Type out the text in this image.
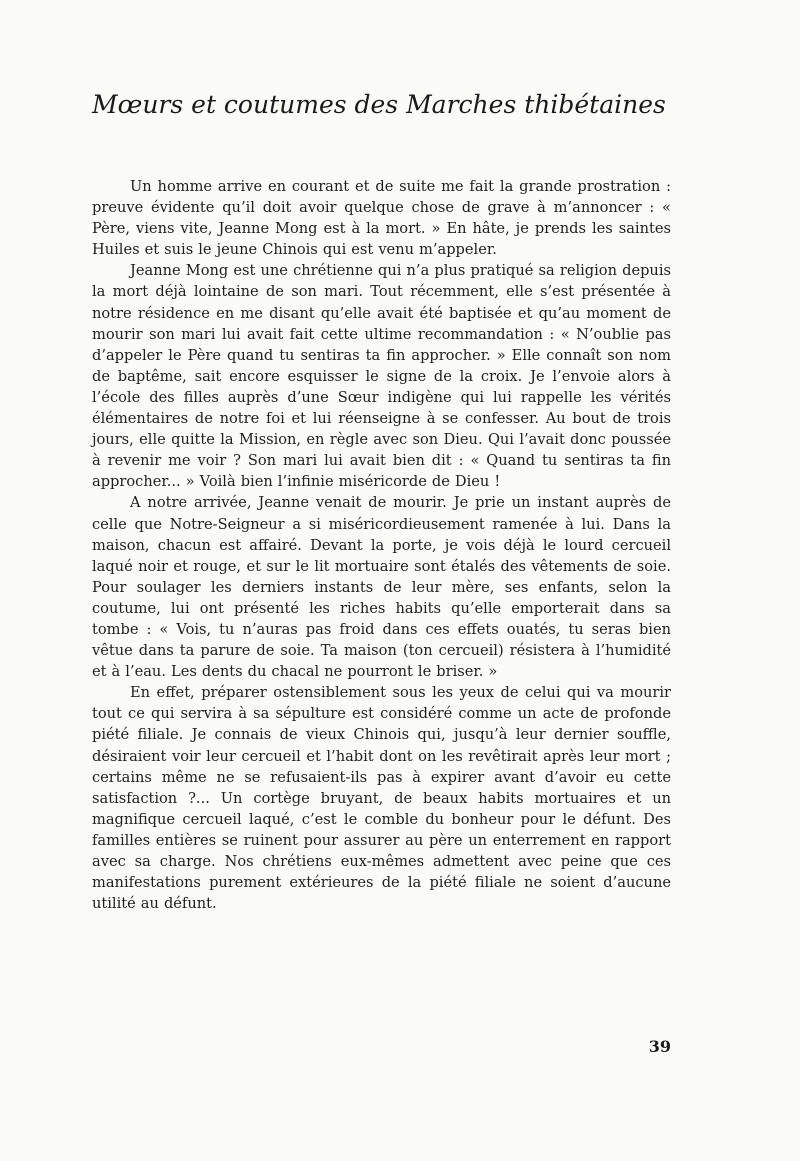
Mœurs et coutumes des Marches thibétaines

Un homme arrive en courant et de suite me fait la grande prostration : preuve évidente qu’il doit avoir quelque chose de grave à m’annoncer : « Père, viens vite, Jeanne Mong est à la mort. » En hâte, je prends les saintes Huiles et suis le jeune Chinois qui est venu m’appeler.

Jeanne Mong est une chrétienne qui n’a plus pratiqué sa religion depuis la mort déjà lointaine de son mari. Tout récemment, elle s’est présentée à notre résidence en me disant qu’elle avait été baptisée et qu’au moment de mourir son mari lui avait fait cette ultime recommandation : « N’oublie pas d’appeler le Père quand tu sentiras ta fin approcher. » Elle connaît son nom de baptême, sait encore esquisser le signe de la croix. Je l’envoie alors à l’école des filles auprès d’une Sœur indigène qui lui rappelle les vérités élémentaires de notre foi et lui réenseigne à se confesser. Au bout de trois jours, elle quitte la Mission, en règle avec son Dieu. Qui l’avait donc poussée à revenir me voir ? Son mari lui avait bien dit : « Quand tu sentiras ta fin approcher... » Voilà bien l’infinie miséricorde de Dieu !

A notre arrivée, Jeanne venait de mourir. Je prie un instant auprès de celle que Notre-Seigneur a si miséricordieusement ramenée à lui. Dans la maison, chacun est affairé. Devant la porte, je vois déjà le lourd cercueil laqué noir et rouge, et sur le lit mortuaire sont étalés des vêtements de soie. Pour soulager les derniers instants de leur mère, ses enfants, selon la coutume, lui ont présenté les riches habits qu’elle emporterait dans sa tombe : « Vois, tu n’auras pas froid dans ces effets ouatés, tu seras bien vêtue dans ta parure de soie. Ta maison (ton cercueil) résistera à l’humidité et à l’eau. Les dents du chacal ne pourront le briser. »

En effet, préparer ostensiblement sous les yeux de celui qui va mourir tout ce qui servira à sa sépulture est considéré comme un acte de profonde piété filiale. Je connais de vieux Chinois qui, jusqu’à leur dernier souffle, désiraient voir leur cercueil et l’habit dont on les revêtirait après leur mort ; certains même ne se refusaient-ils pas à expirer avant d’avoir eu cette satisfaction ?... Un cortège bruyant, de beaux habits mortuaires et un magnifique cercueil laqué, c’est le comble du bonheur pour le défunt. Des familles entières se ruinent pour assurer au père un enterrement en rapport avec sa charge. Nos chrétiens eux-mêmes admettent avec peine que ces manifestations purement extérieures de la piété filiale ne soient d’aucune utilité au défunt.

39
